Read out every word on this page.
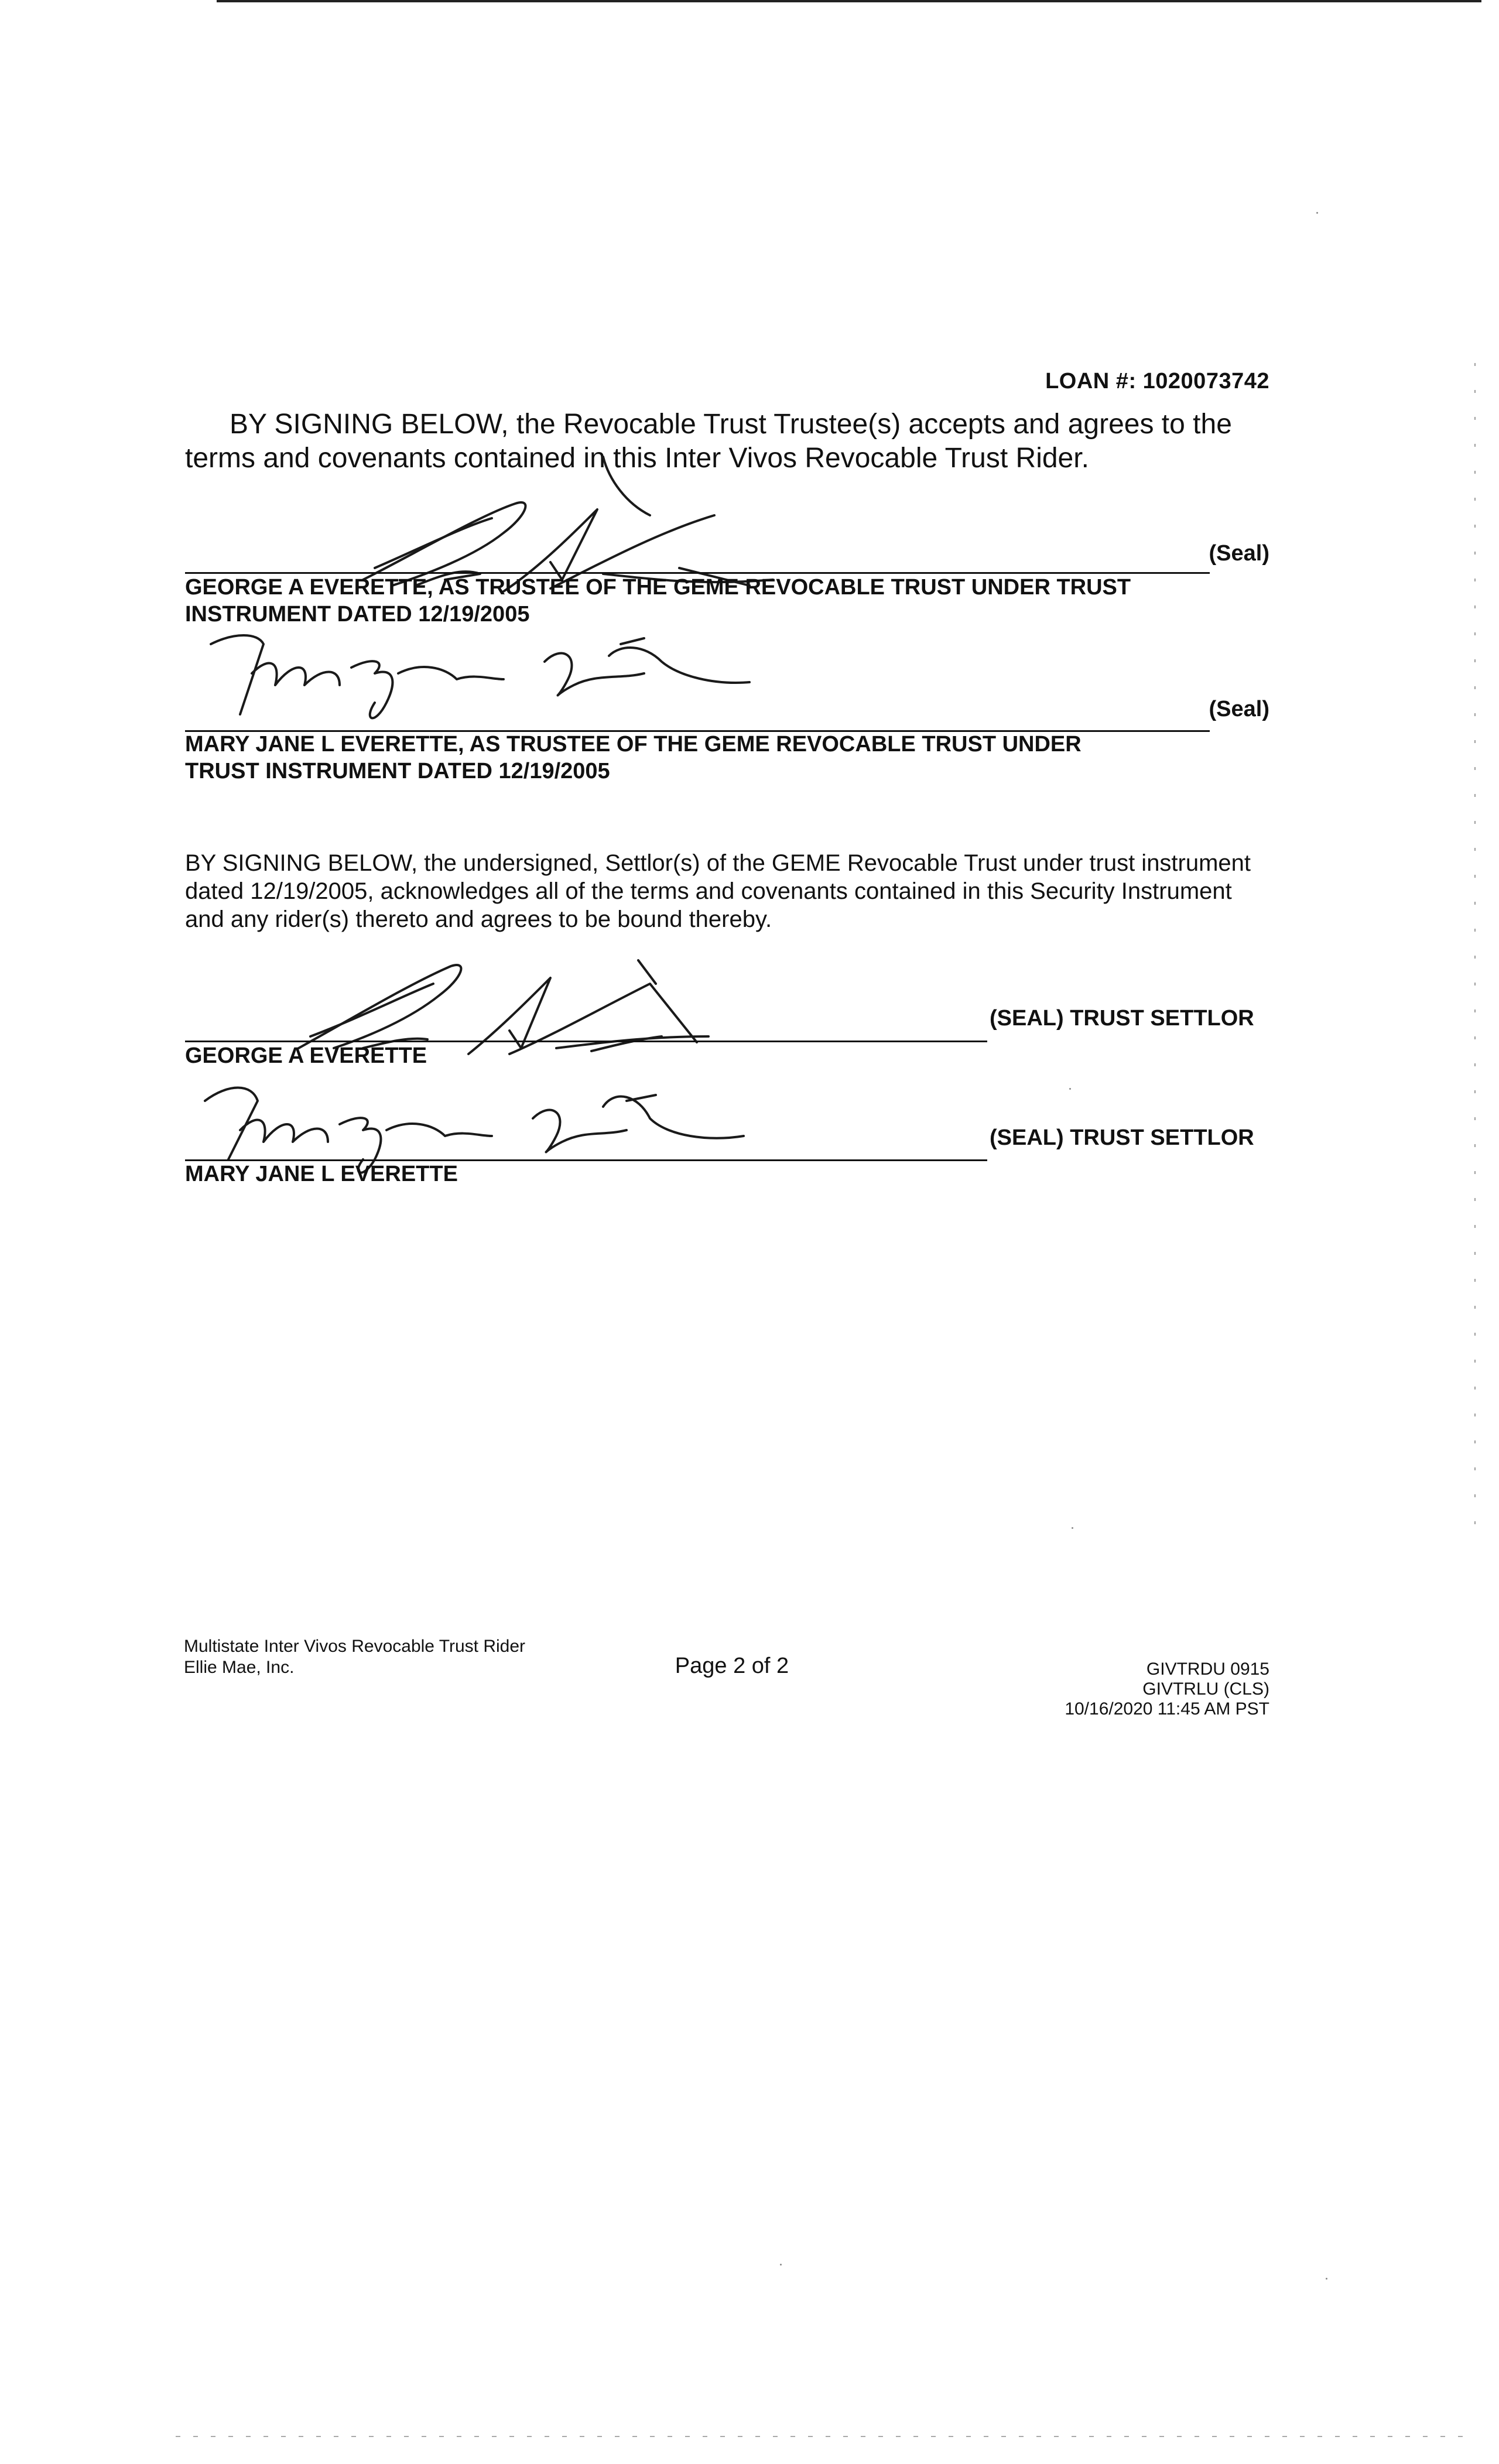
LOAN #: 1020073742
BY SIGNING BELOW, the Revocable Trust Trustee(s) accepts and agrees to the terms and covenants contained in this Inter Vivos Revocable Trust Rider.
(Seal)
GEORGE A EVERETTE, AS TRUSTEE OF THE GEME REVOCABLE TRUST UNDER TRUST
INSTRUMENT DATED 12/19/2005
(Seal)
MARY JANE L EVERETTE, AS TRUSTEE OF THE GEME REVOCABLE TRUST UNDER
TRUST INSTRUMENT DATED 12/19/2005
BY SIGNING BELOW, the undersigned, Settlor(s) of the GEME Revocable Trust under trust instrument dated 12/19/2005, acknowledges all of the terms and covenants contained in this Security Instrument and any rider(s) thereto and agrees to be bound thereby.
(SEAL) TRUST SETTLOR
GEORGE A EVERETTE
(SEAL) TRUST SETTLOR
MARY JANE L EVERETTE
Multistate Inter Vivos Revocable Trust Rider
Ellie Mae, Inc.	Page 2 of 2	GIVTRDU 0915
GIVTRLU (CLS)
10/16/2020 11:45 AM PST
